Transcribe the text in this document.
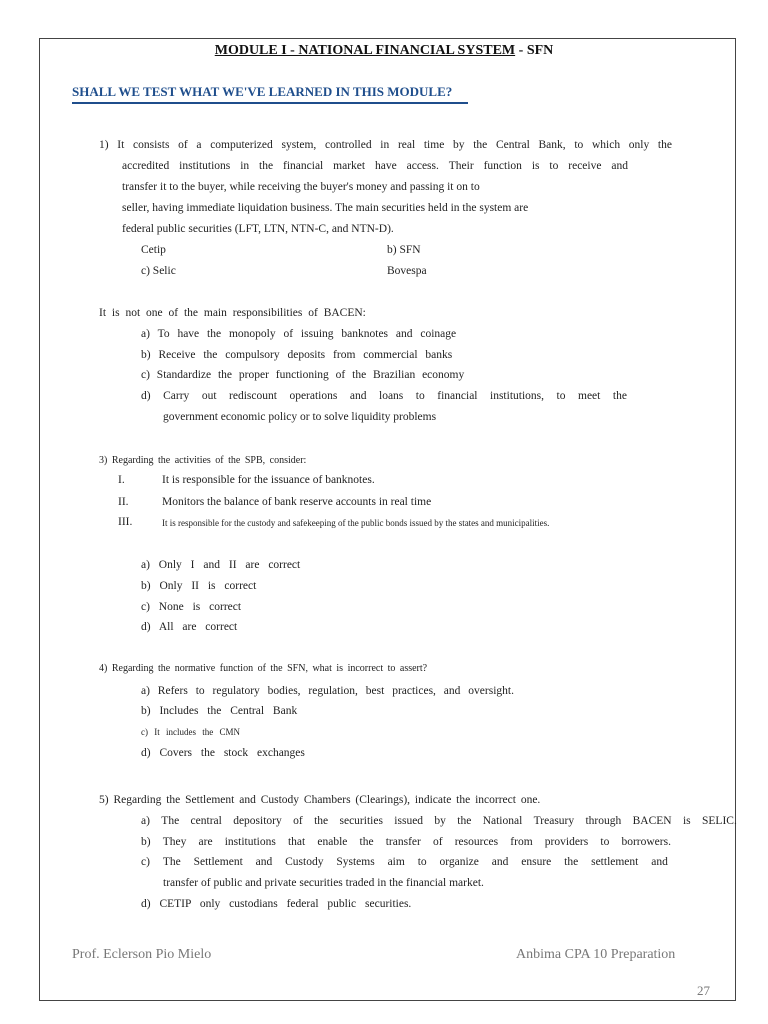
MODULE I - NATIONAL FINANCIAL SYSTEM - SFN
SHALL WE TEST WHAT WE'VE LEARNED IN THIS MODULE?
1) It consists of a computerized system, controlled in real time by the Central Bank, to which only the
accredited institutions in the financial market have access. Their function is to receive and
transfer it to the buyer, while receiving the buyer's money and passing it on to
seller, having immediate liquidation business. The main securities held in the system are
federal public securities (LFT, LTN, NTN-C, and NTN-D).
Cetip	b) SFN
c) Selic	Bovespa
It is not one of the main responsibilities of BACEN:
a) To have the monopoly of issuing banknotes and coinage
b) Receive the compulsory deposits from commercial banks
c) Standardize the proper functioning of the Brazilian economy
d) Carry out rediscount operations and loans to financial institutions, to meet the
government economic policy or to solve liquidity problems
3) Regarding the activities of the SPB, consider:
I.	It is responsible for the issuance of banknotes.
II.	Monitors the balance of bank reserve accounts in real time
III.	It is responsible for the custody and safekeeping of the public bonds issued by the states and municipalities.
a) Only I and II are correct
b) Only II is correct
c) None is correct
d) All are correct
4) Regarding the normative function of the SFN, what is incorrect to assert?
a) Refers to regulatory bodies, regulation, best practices, and oversight.
b) Includes the Central Bank
c) It includes the CMN
d) Covers the stock exchanges
5) Regarding the Settlement and Custody Chambers (Clearings), indicate the incorrect one.
a) The central depository of the securities issued by the National Treasury through BACEN is SELIC.
b) They are institutions that enable the transfer of resources from providers to borrowers.
c) The Settlement and Custody Systems aim to organize and ensure the settlement and
transfer of public and private securities traded in the financial market.
d) CETIP only custodians federal public securities.
Prof. Eclerson Pio Mielo	Anbima CPA 10 Preparation
27
